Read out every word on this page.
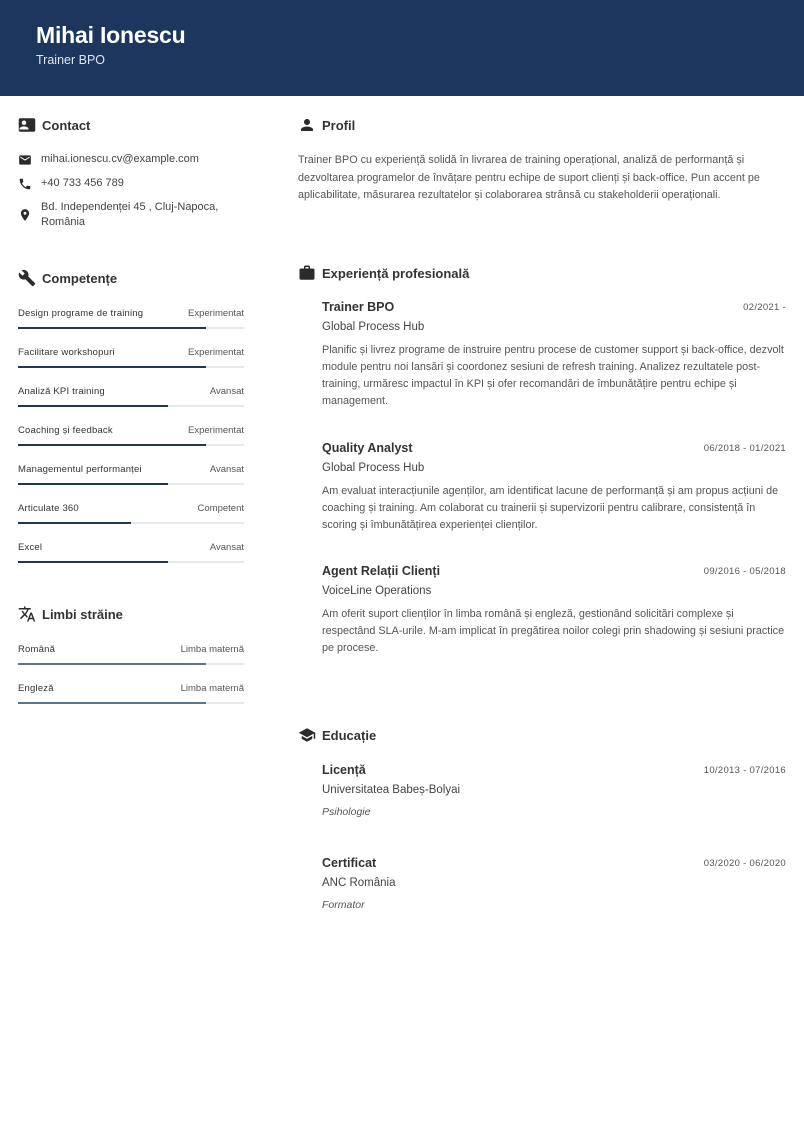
Mihai Ionescu
Trainer BPO
Contact
mihai.ionescu.cv@example.com
+40 733 456 789
Bd. Independenței 45 , Cluj-Napoca,
România
Competențe
Design programe de training	Experimentat
Facilitare workshopuri	Experimentat
Analiză KPI training	Avansat
Coaching și feedback	Experimentat
Managementul performanței	Avansat
Articulate 360	Competent
Excel	Avansat
Limbi străine
Română	Limba maternă
Engleză	Limba maternă
Profil
Trainer BPO cu experiență solidă în livrarea de training operațional, analiză de performanță și dezvoltarea programelor de învățare pentru echipe de suport clienți și back-office. Pun accent pe aplicabilitate, măsurarea rezultatelor și colaborarea strânsă cu stakeholderii operaționali.
Experiență profesională
Trainer BPO	02/2021 -
Global Process Hub
Planific și livrez programe de instruire pentru procese de customer support și back-office, dezvolt module pentru noi lansări și coordonez sesiuni de refresh training. Analizez rezultatele post-training, urmăresc impactul în KPI și ofer recomandări de îmbunătățire pentru echipe și management.
Quality Analyst	06/2018 - 01/2021
Global Process Hub
Am evaluat interacțiunile agenților, am identificat lacune de performanță și am propus acțiuni de coaching și training. Am colaborat cu trainerii și supervizorii pentru calibrare, consistență în scoring și îmbunătățirea experienței clienților.
Agent Relații Clienți	09/2016 - 05/2018
VoiceLine Operations
Am oferit suport clienților în limba română și engleză, gestionând solicitări complexe și respectând SLA-urile. M-am implicat în pregătirea noilor colegi prin shadowing și sesiuni practice pe procese.
Educație
Licență	10/2013 - 07/2016
Universitatea Babeș-Bolyai
Psihologie
Certificat	03/2020 - 06/2020
ANC România
Formator
